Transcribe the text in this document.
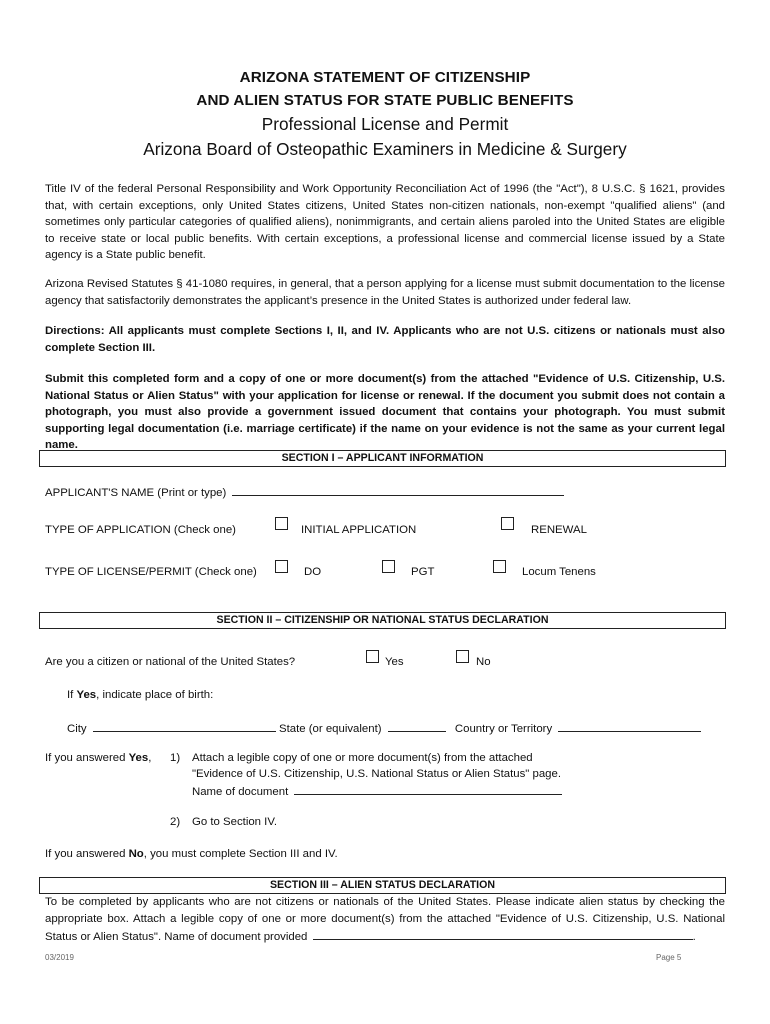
ARIZONA STATEMENT OF CITIZENSHIP
AND ALIEN STATUS FOR STATE PUBLIC BENEFITS
Professional License and Permit
Arizona Board of Osteopathic Examiners in Medicine & Surgery
Title IV of the federal Personal Responsibility and Work Opportunity Reconciliation Act of 1996 (the "Act"), 8 U.S.C. § 1621, provides that, with certain exceptions, only United States citizens, United States non-citizen nationals, non-exempt "qualified aliens" (and sometimes only particular categories of qualified aliens), nonimmigrants, and certain aliens paroled into the United States are eligible to receive state or local public benefits. With certain exceptions, a professional license and commercial license issued by a State agency is a State public benefit.
Arizona Revised Statutes § 41-1080 requires, in general, that a person applying for a license must submit documentation to the license agency that satisfactorily demonstrates the applicant’s presence in the United States is authorized under federal law.
Directions: All applicants must complete Sections I, II, and IV. Applicants who are not U.S. citizens or nationals must also complete Section III.
Submit this completed form and a copy of one or more document(s) from the attached "Evidence of U.S. Citizenship, U.S. National Status or Alien Status" with your application for license or renewal. If the document you submit does not contain a photograph, you must also provide a government issued document that contains your photograph. You must submit supporting legal documentation (i.e. marriage certificate) if the name on your evidence is not the same as your current legal name.
SECTION I – APPLICANT INFORMATION
APPLICANT'S NAME (Print or type)
TYPE OF APPLICATION (Check one)	INITIAL APPLICATION	RENEWAL
TYPE OF LICENSE/PERMIT (Check one)	DO	PGT	Locum Tenens
SECTION II – CITIZENSHIP OR NATIONAL STATUS DECLARATION
Are you a citizen or national of the United States?	Yes	No
If Yes, indicate place of birth:
City	State (or equivalent)	Country or Territory
If you answered Yes, 1) Attach a legible copy of one or more document(s) from the attached
"Evidence of U.S. Citizenship, U.S. National Status or Alien Status" page.
Name of document
2) Go to Section IV.
If you answered No, you must complete Section III and IV.
SECTION III – ALIEN STATUS DECLARATION
To be completed by applicants who are not citizens or nationals of the United States. Please indicate alien status by checking the appropriate box. Attach a legible copy of one or more document(s) from the attached "Evidence of U.S. Citizenship, U.S. National Status or Alien Status". Name of document provided	.
03/2019	Page 5
